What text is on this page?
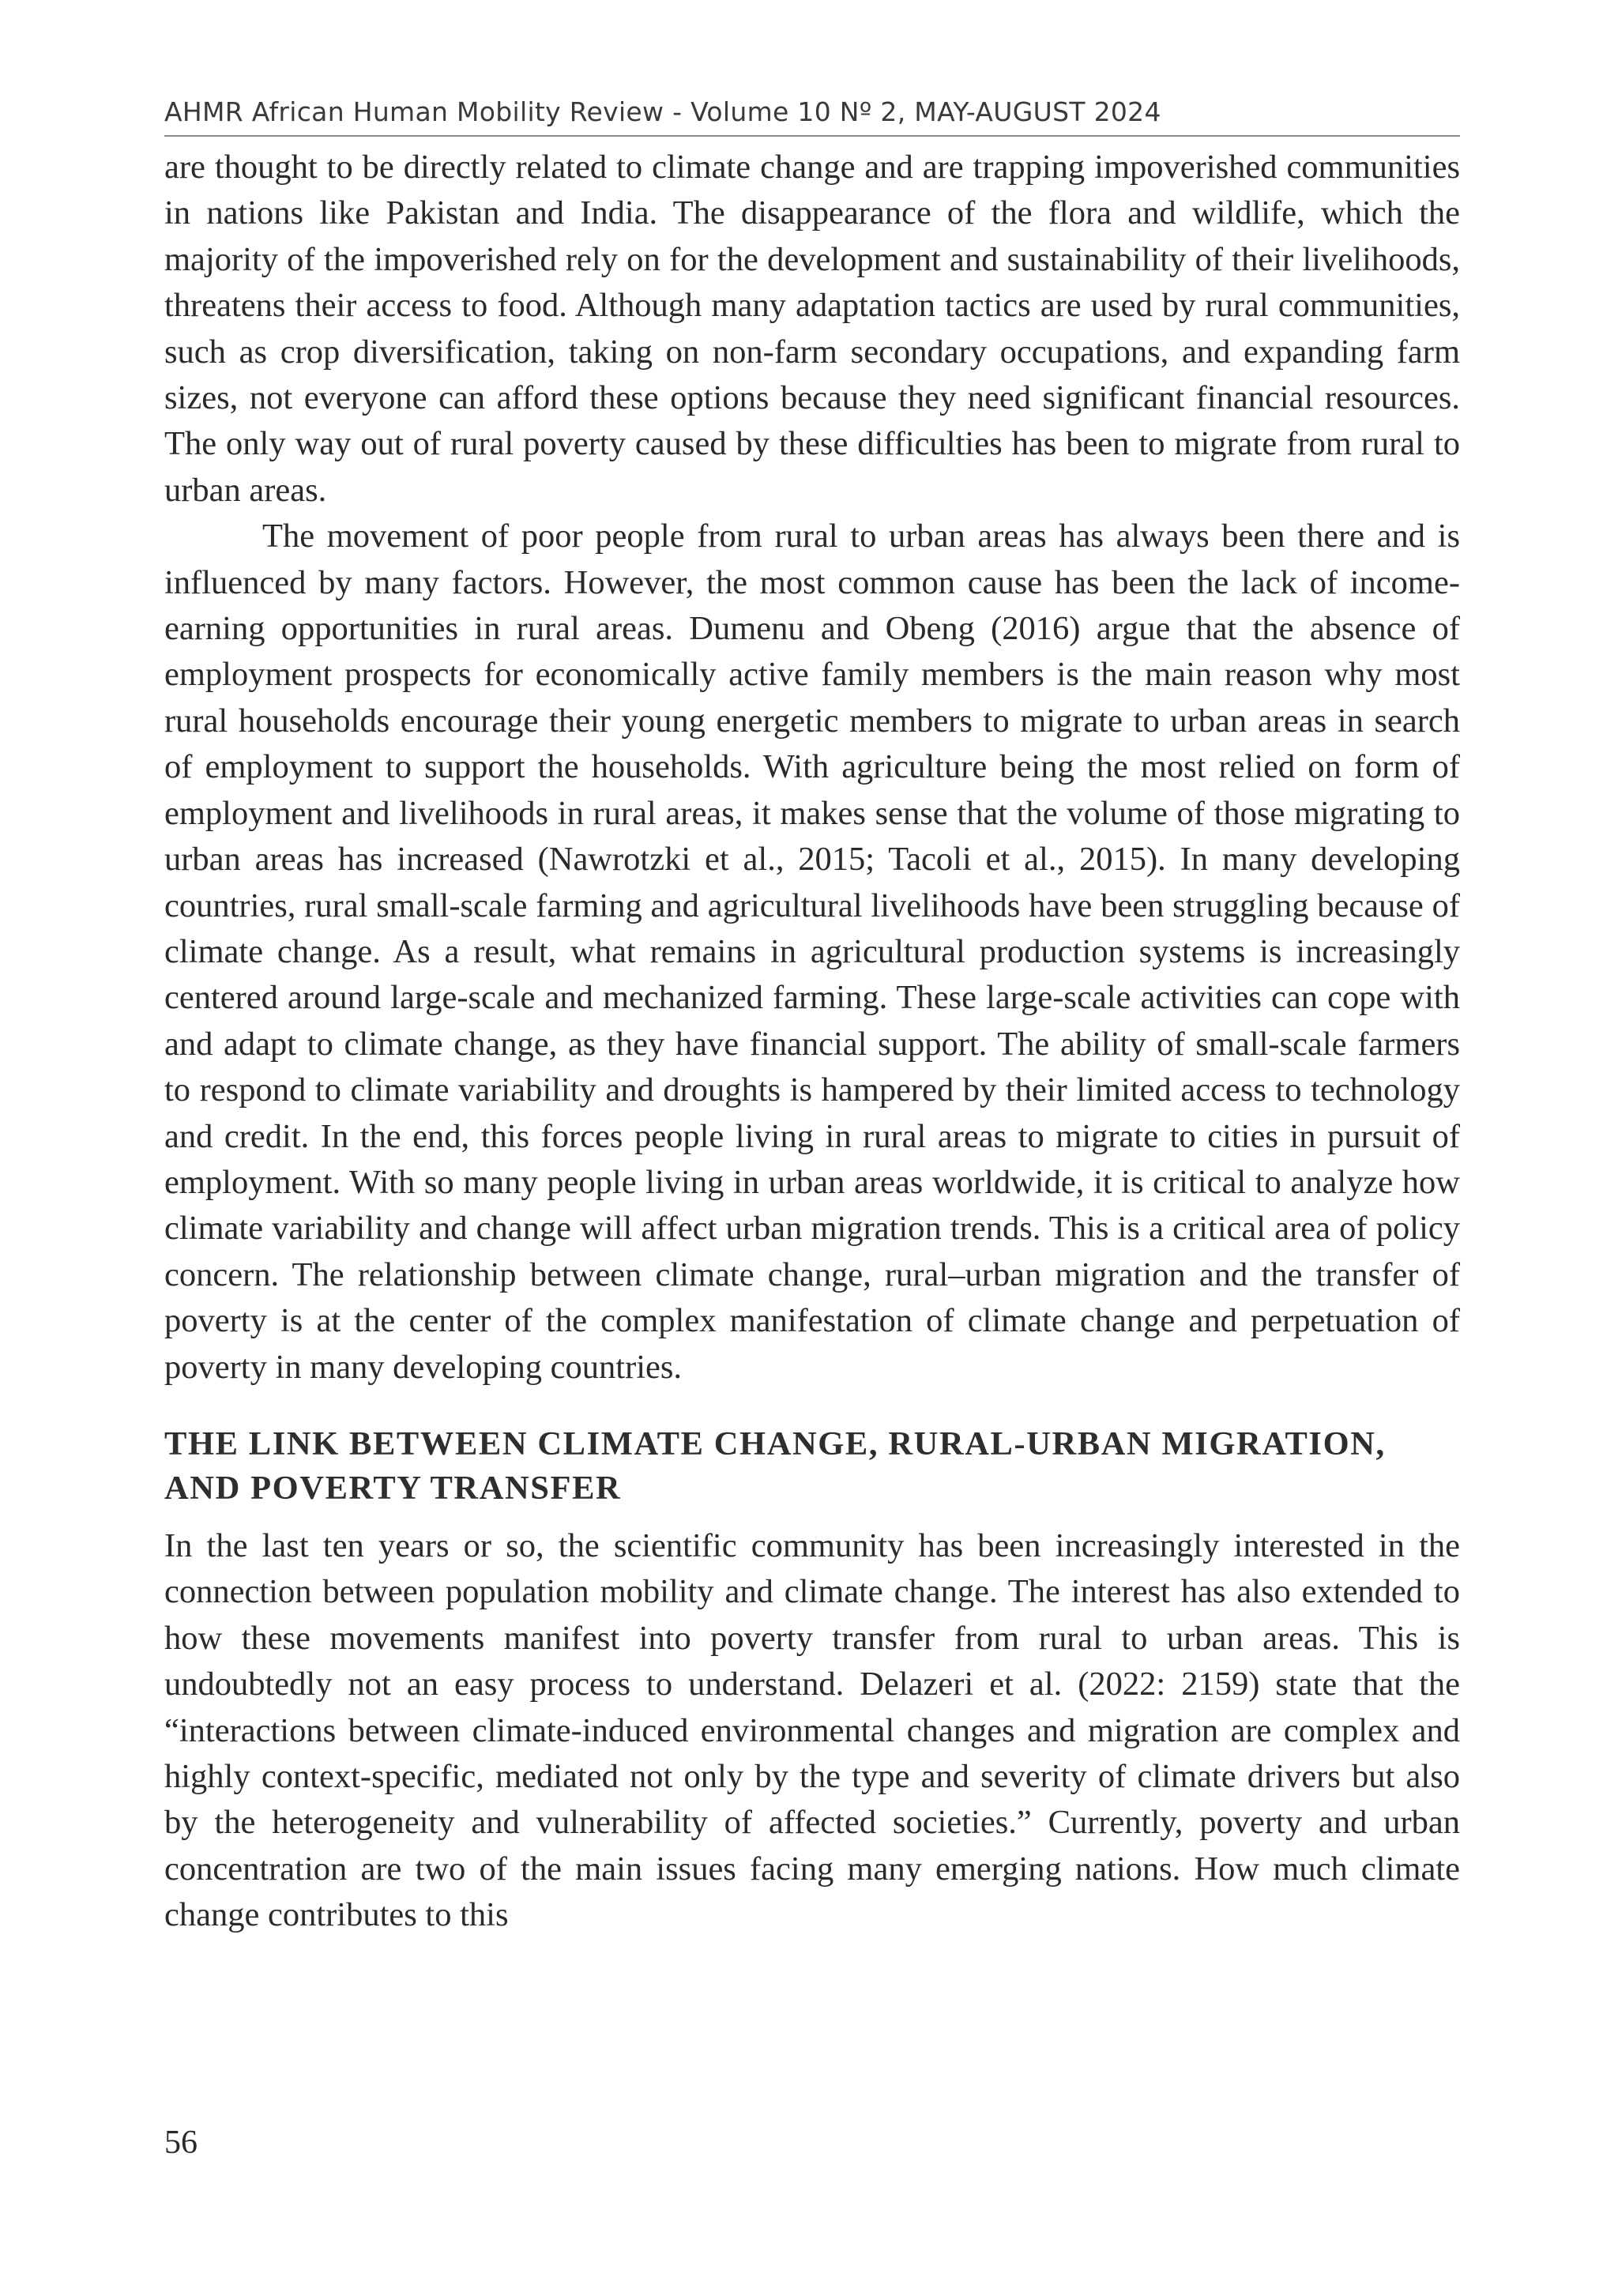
AHMR African Human Mobility Review - Volume 10 Nº 2, MAY-AUGUST 2024

are thought to be directly related to climate change and are trapping impoverished communities in nations like Pakistan and India. The disappearance of the flora and wildlife, which the majority of the impoverished rely on for the development and sustainability of their livelihoods, threatens their access to food. Although many adaptation tactics are used by rural communities, such as crop diversification, taking on non-farm secondary occupations, and expanding farm sizes, not everyone can afford these options because they need significant financial resources. The only way out of rural poverty caused by these difficulties has been to migrate from rural to urban areas.

The movement of poor people from rural to urban areas has always been there and is influenced by many factors. However, the most common cause has been the lack of income-earning opportunities in rural areas. Dumenu and Obeng (2016) argue that the absence of employment prospects for economically active family members is the main reason why most rural households encourage their young energetic members to migrate to urban areas in search of employment to support the households. With agriculture being the most relied on form of employment and livelihoods in rural areas, it makes sense that the volume of those migrating to urban areas has increased (Nawrotzki et al., 2015; Tacoli et al., 2015). In many developing countries, rural small-scale farming and agricultural livelihoods have been struggling because of climate change. As a result, what remains in agricultural production systems is increasingly centered around large-scale and mechanized farming. These large-scale activities can cope with and adapt to climate change, as they have financial support. The ability of small-scale farmers to respond to climate variability and droughts is hampered by their limited access to technology and credit. In the end, this forces people living in rural areas to migrate to cities in pursuit of employment. With so many people living in urban areas worldwide, it is critical to analyze how climate variability and change will affect urban migration trends. This is a critical area of policy concern. The relationship between climate change, rural–urban migration and the transfer of poverty is at the center of the complex manifestation of climate change and perpetuation of poverty in many developing countries.

THE LINK BETWEEN CLIMATE CHANGE, RURAL-URBAN MIGRATION, AND POVERTY TRANSFER

In the last ten years or so, the scientific community has been increasingly interested in the connection between population mobility and climate change. The interest has also extended to how these movements manifest into poverty transfer from rural to urban areas. This is undoubtedly not an easy process to understand. Delazeri et al. (2022: 2159) state that the “interactions between climate-induced environmental changes and migration are complex and highly context-specific, mediated not only by the type and severity of climate drivers but also by the heterogeneity and vulnerability of affected societies.” Currently, poverty and urban concentration are two of the main issues facing many emerging nations. How much climate change contributes to this

56
